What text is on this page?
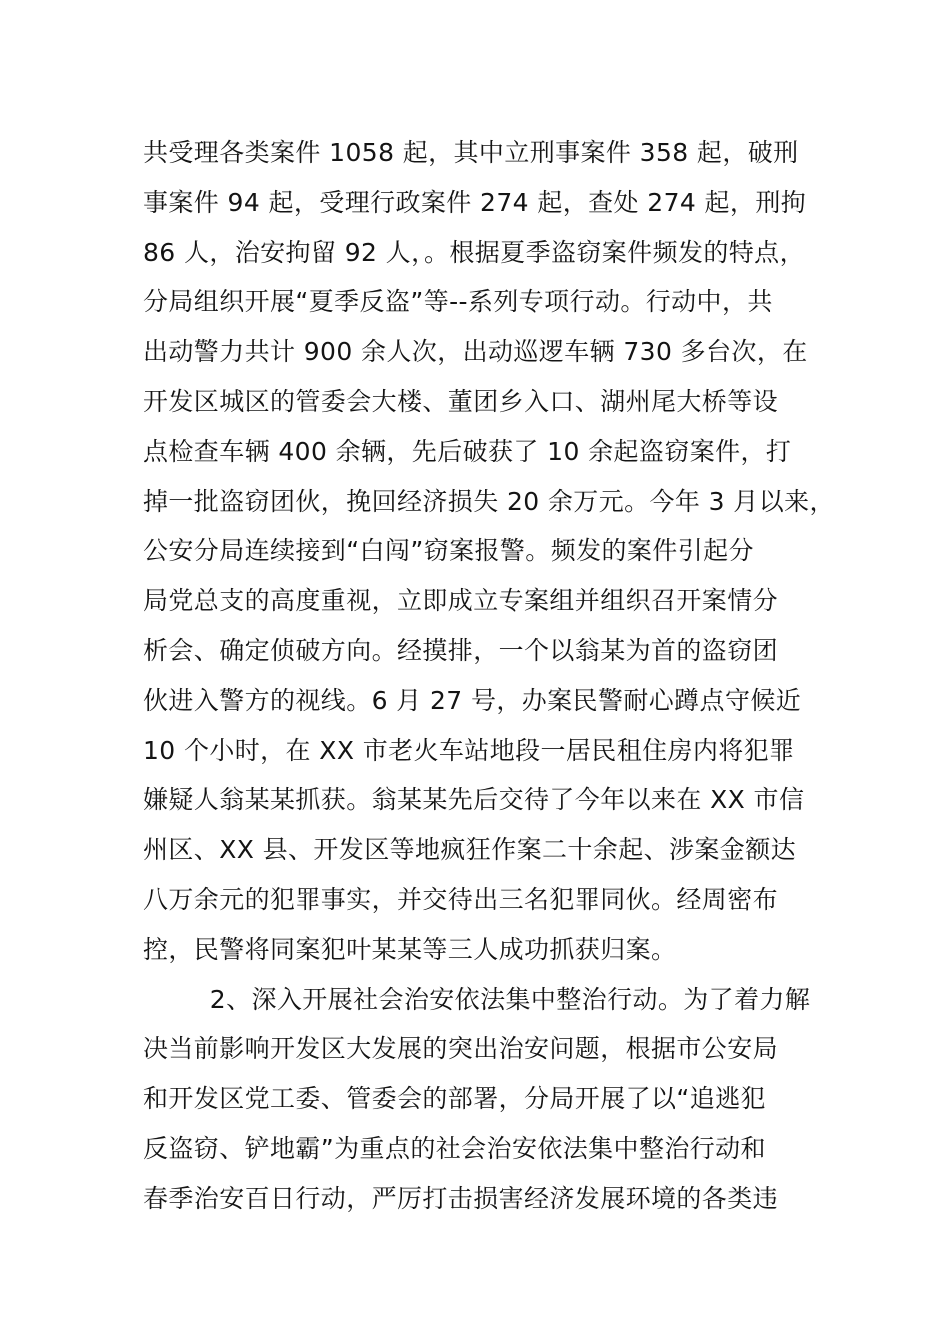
共受理各类案件 1058 起，其中立刑事案件 358 起，破刑
事案件 94 起，受理行政案件 274 起，查处 274 起，刑拘
86 人，治安拘留 92 人，。根据夏季盗窃案件频发的特点，
分局组织开展“夏季反盗”等--系列专项行动。行动中，共
出动警力共计 900 余人次，出动巡逻车辆 730 多台次，在
开发区城区的管委会大楼、董团乡入口、湖州尾大桥等设
点检查车辆 400 余辆，先后破获了 10 余起盗窃案件，打
掉一批盗窃团伙，挽回经济损失 20 余万元。今年 3 月以来，
公安分局连续接到“白闯”窃案报警。频发的案件引起分
局党总支的高度重视，立即成立专案组并组织召开案情分
析会、确定侦破方向。经摸排，一个以翁某为首的盗窃团
伙进入警方的视线。6 月 27 号，办案民警耐心蹲点守候近
10 个小时，在 XX 市老火车站地段一居民租住房内将犯罪
嫌疑人翁某某抓获。翁某某先后交待了今年以来在 XX 市信
州区、XX 县、开发区等地疯狂作案二十余起、涉案金额达
八万余元的犯罪事实，并交待出三名犯罪同伙。经周密布
控，民警将同案犯叶某某等三人成功抓获归案。
2、深入开展社会治安依法集中整治行动。为了着力解
决当前影响开发区大发展的突出治安问题，根据市公安局
和开发区党工委、管委会的部署，分局开展了以“追逃犯
反盗窃、铲地霸”为重点的社会治安依法集中整治行动和
春季治安百日行动，严厉打击损害经济发展环境的各类违
